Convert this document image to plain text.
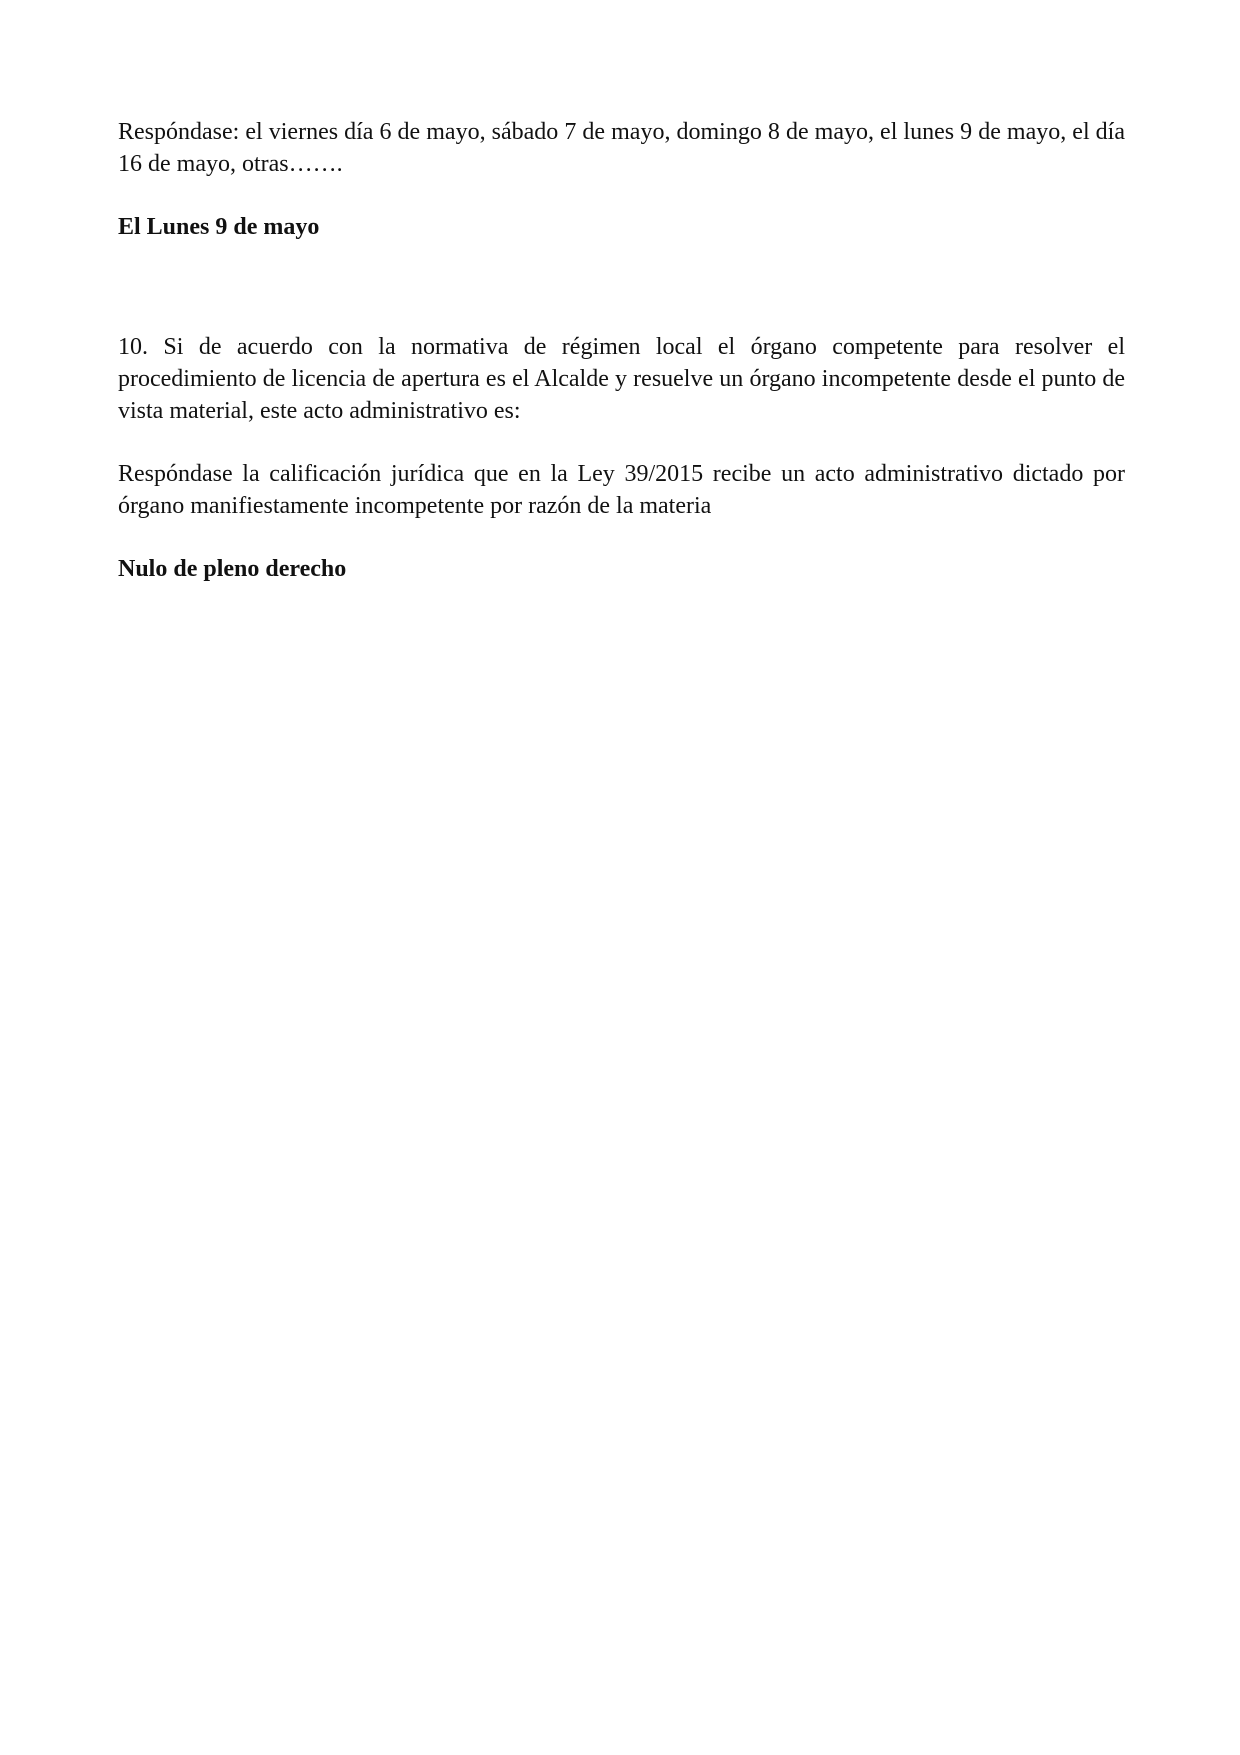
Respóndase: el viernes día 6 de mayo, sábado 7 de mayo, domingo 8 de mayo, el lunes 9 de mayo, el día 16 de mayo, otras…….

El Lunes 9 de mayo

10. Si de acuerdo con la normativa de régimen local el órgano competente para resolver el procedimiento de licencia de apertura es el Alcalde y resuelve un órgano incompetente desde el punto de vista material, este acto administrativo es:

Respóndase la calificación jurídica que en la Ley 39/2015 recibe un acto administrativo dictado por órgano manifiestamente incompetente por razón de la materia

Nulo de pleno derecho
